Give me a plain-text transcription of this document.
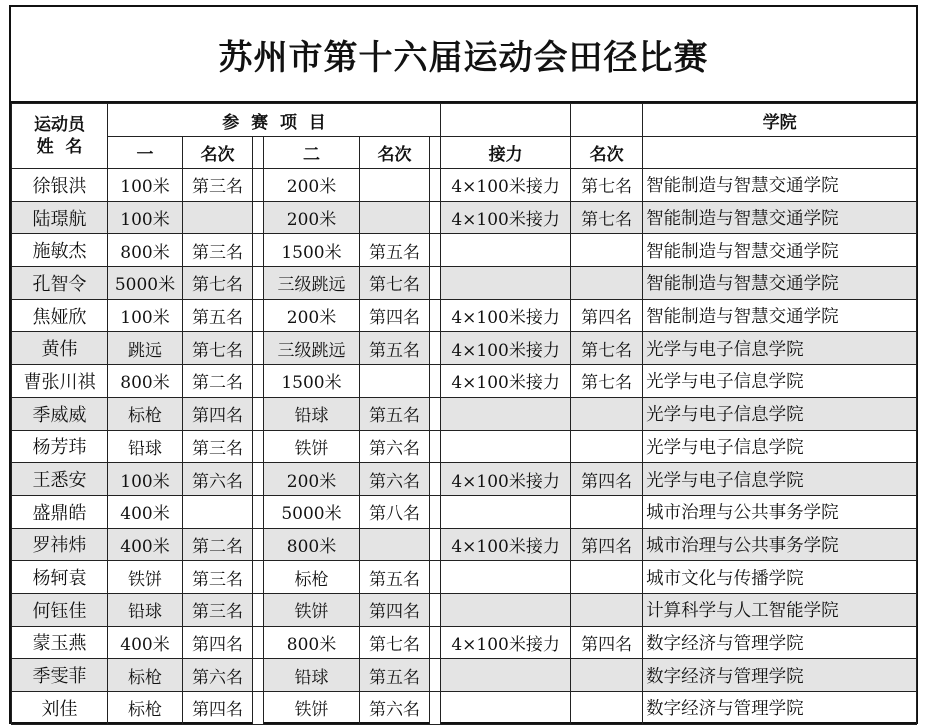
苏州市第十六届运动会田径比赛
运动员
姓  名	参  赛  项  目								学院
	一	名次		二	名次		接力	名次	
徐银洪	100米	第三名		200米			4×100米接力	第七名	智能制造与智慧交通学院
陆璟航	100米			200米			4×100米接力	第七名	智能制造与智慧交通学院
施敏杰	800米	第三名		1500米	第五名				智能制造与智慧交通学院
孔智令	5000米	第七名		三级跳远	第七名				智能制造与智慧交通学院
焦娅欣	100米	第五名		200米	第四名		4×100米接力	第四名	智能制造与智慧交通学院
黄伟	跳远	第七名		三级跳远	第五名		4×100米接力	第七名	光学与电子信息学院
曹张川祺	800米	第二名		1500米			4×100米接力	第七名	光学与电子信息学院
季威威	标枪	第四名		铅球	第五名				光学与电子信息学院
杨芳玮	铅球	第三名		铁饼	第六名				光学与电子信息学院
王悉安	100米	第六名		200米	第六名		4×100米接力	第四名	光学与电子信息学院
盛鼎皓	400米			5000米	第八名				城市治理与公共事务学院
罗祎炜	400米	第二名		800米			4×100米接力	第四名	城市治理与公共事务学院
杨轲袁	铁饼	第三名		标枪	第五名				城市文化与传播学院
何钰佳	铅球	第三名		铁饼	第四名				计算科学与人工智能学院
蒙玉燕	400米	第四名		800米	第七名		4×100米接力	第四名	数字经济与管理学院
季雯菲	标枪	第六名		铅球	第五名				数字经济与管理学院
刘佳	标枪	第四名		铁饼	第六名				数字经济与管理学院
